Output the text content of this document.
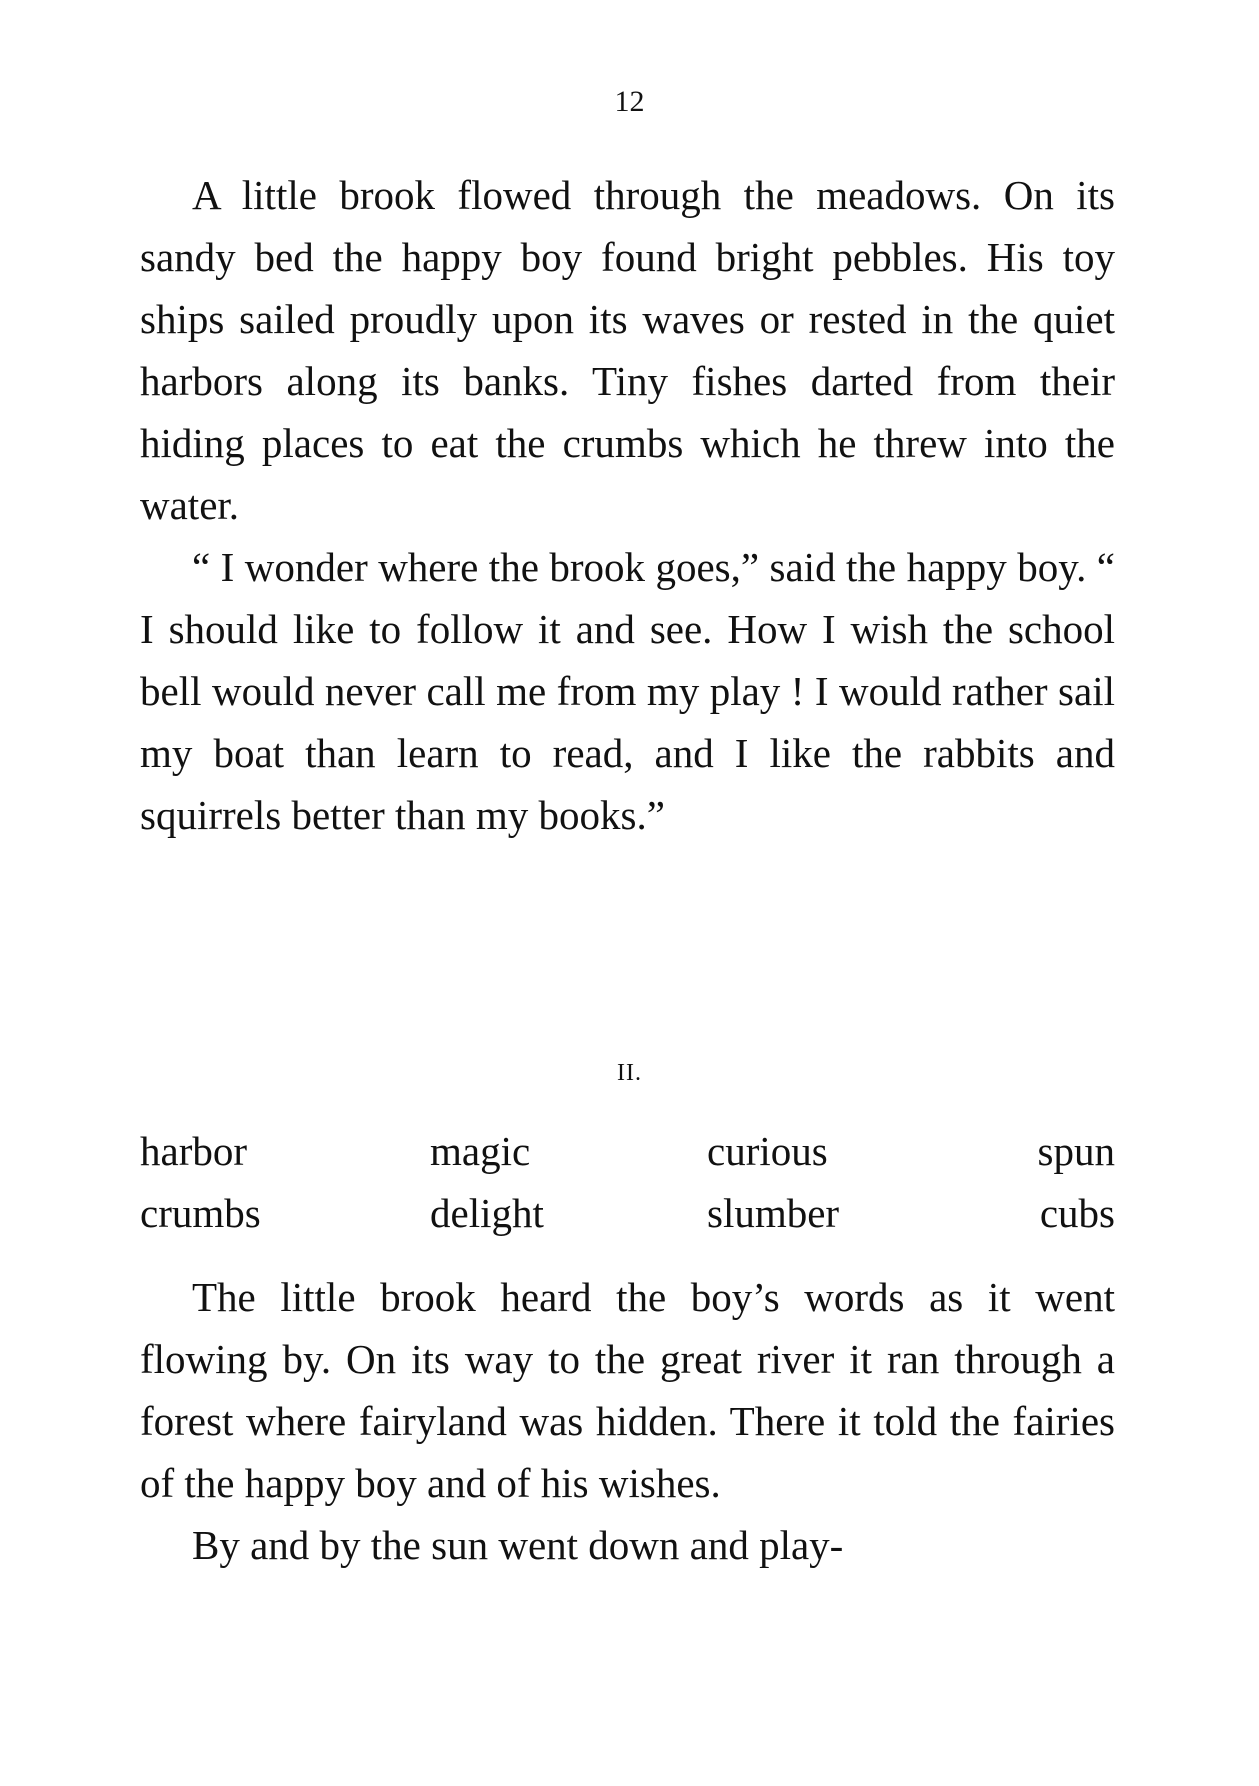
12

A little brook flowed through the meadows. On its sandy bed the happy boy found bright pebbles. His toy ships sailed proudly upon its waves or rested in the quiet harbors along its banks. Tiny fishes darted from their hiding places to eat the crumbs which he threw into the water.

“ I wonder where the brook goes,” said the happy boy. “ I should like to follow it and see. How I wish the school bell would never call me from my play ! I would rather sail my boat than learn to read, and I like the rabbits and squirrels better than my books.”

II.
harbor	magic	curious	spun
crumbs	delight	slumber	cubs

The little brook heard the boy’s words as it went flowing by. On its way to the great river it ran through a forest where fairyland was hidden. There it told the fairies of the happy boy and of his wishes.

By and by the sun went down and play-
